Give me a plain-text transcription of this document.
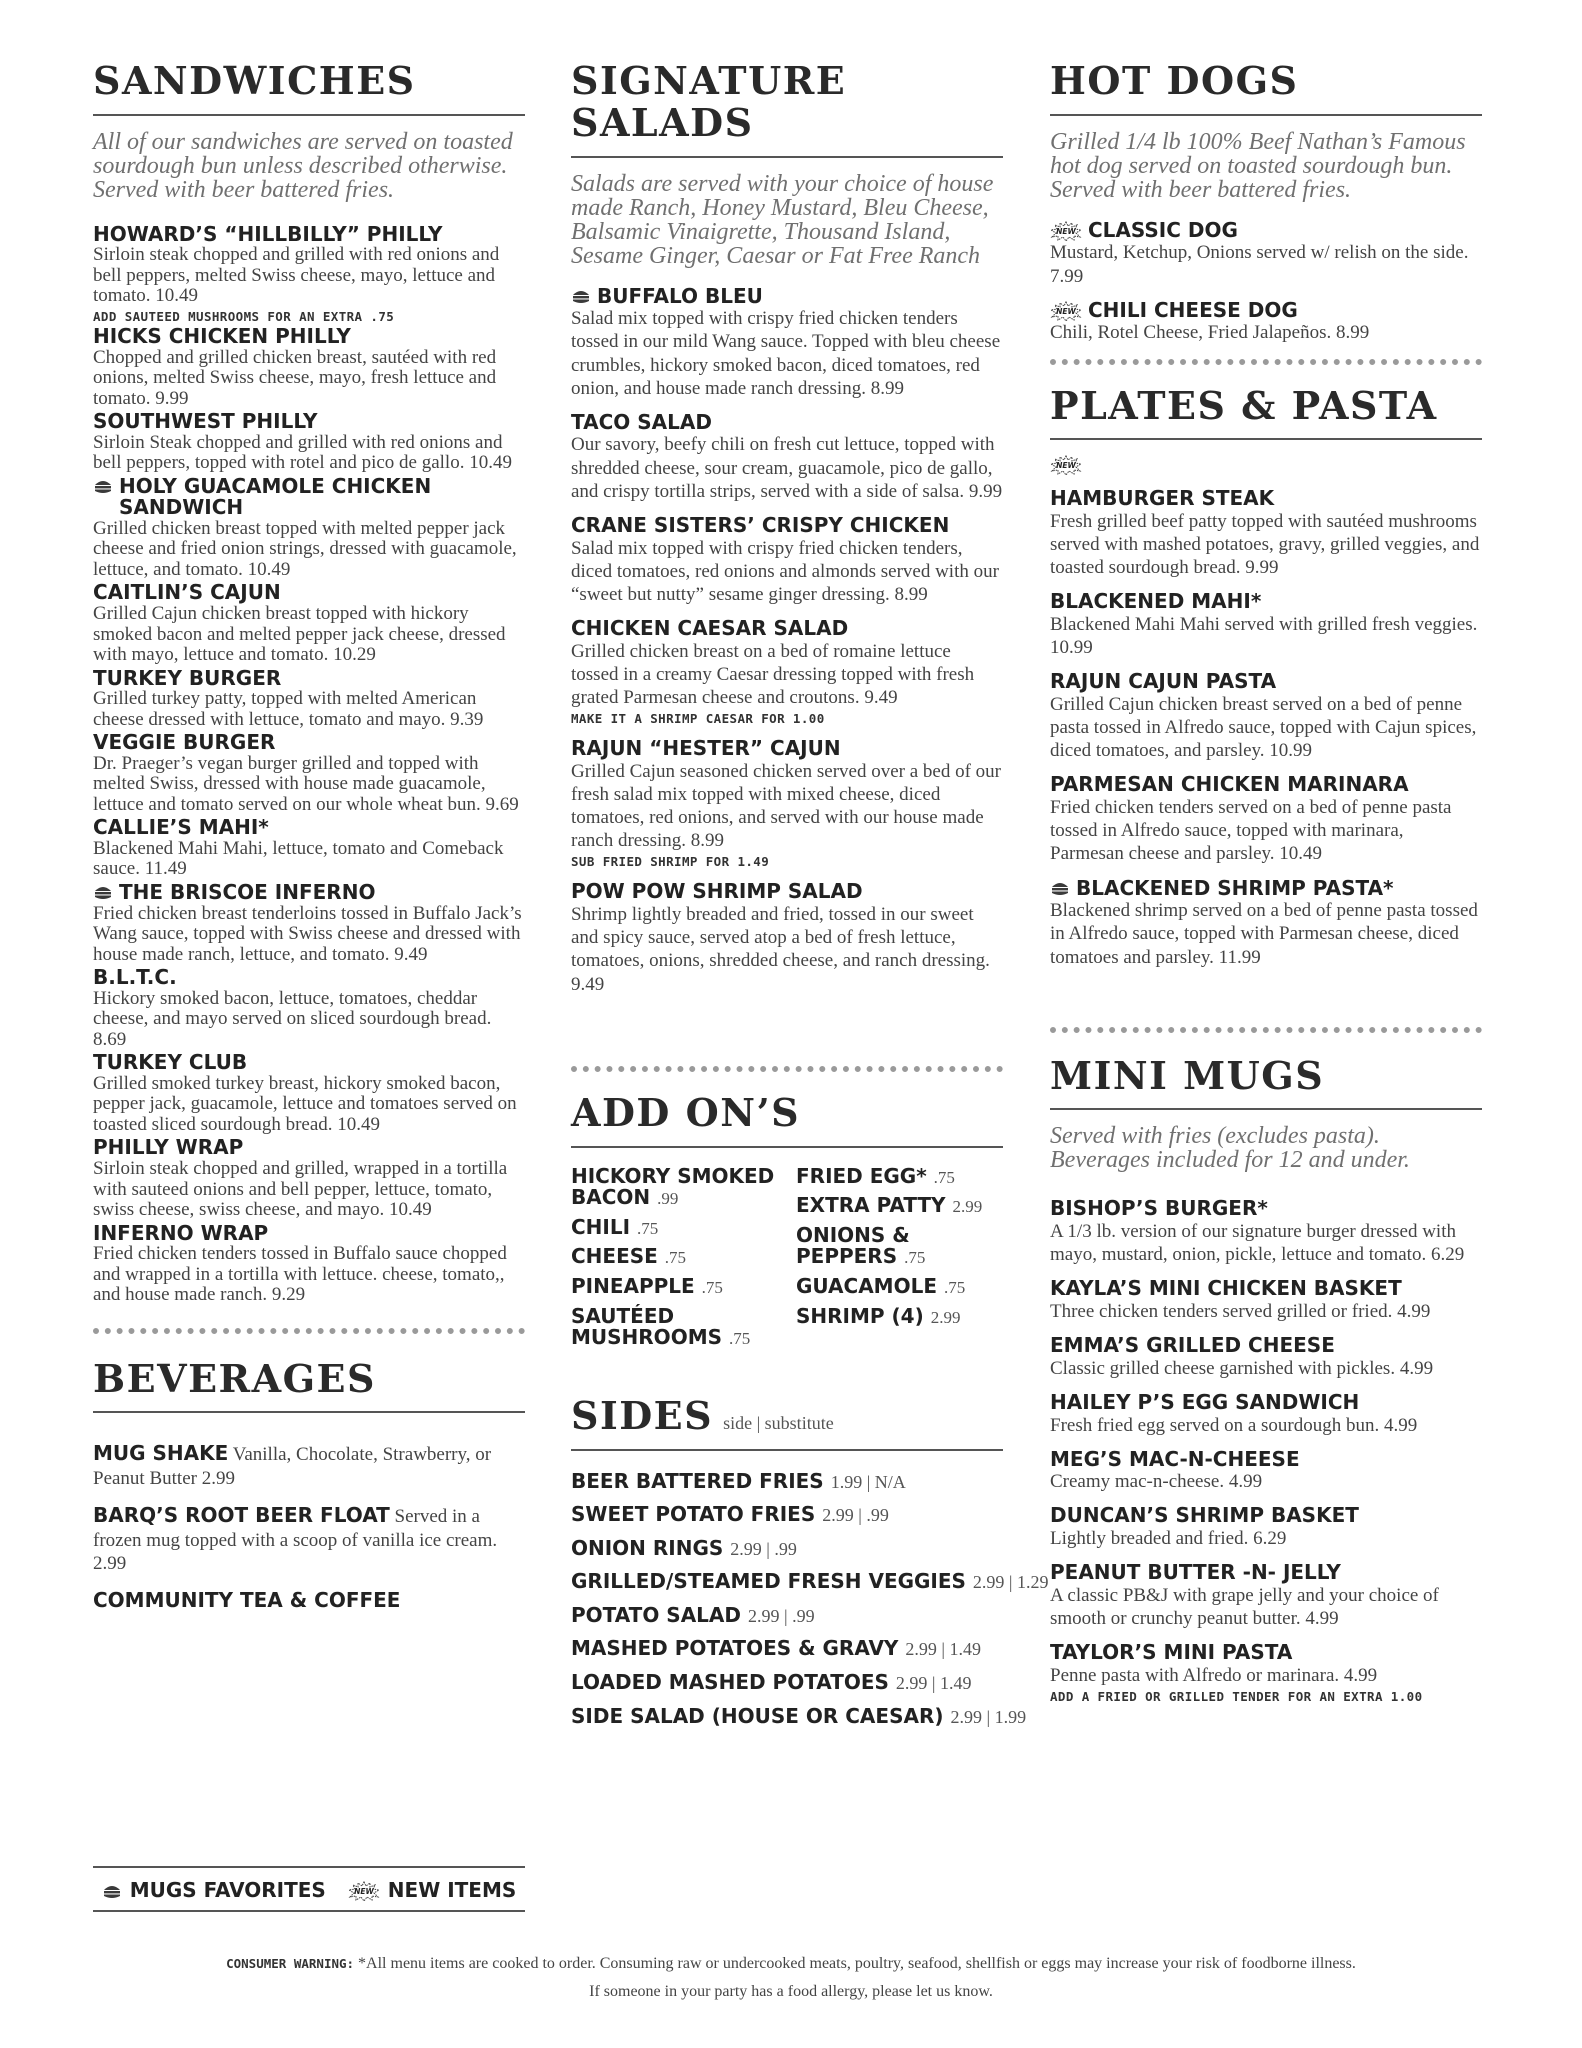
SANDWICHES
All of our sandwiches are served on toasted sourdough bun unless described otherwise. Served with beer battered fries.
HOWARD’S “HILLBILLY” PHILLY
Sirloin steak chopped and grilled with red onions and bell peppers, melted Swiss cheese, mayo, lettuce and tomato. 10.49
ADD SAUTEED MUSHROOMS FOR AN EXTRA .75
HICKS CHICKEN PHILLY
Chopped and grilled chicken breast, sautéed with red onions, melted Swiss cheese, mayo, fresh lettuce and tomato. 9.99
SOUTHWEST PHILLY
Sirloin Steak chopped and grilled with red onions and bell peppers, topped with rotel and pico de gallo. 10.49
HOLY GUACAMOLE CHICKEN SANDWICH
Grilled chicken breast topped with melted pepper jack cheese and fried onion strings, dressed with guacamole, lettuce, and tomato. 10.49
CAITLIN’S CAJUN
Grilled Cajun chicken breast topped with hickory smoked bacon and melted pepper jack cheese, dressed with mayo, lettuce and tomato. 10.29
TURKEY BURGER
Grilled turkey patty, topped with melted American cheese dressed with lettuce, tomato and mayo. 9.39
VEGGIE BURGER
Dr. Praeger’s vegan burger grilled and topped with melted Swiss, dressed with house made guacamole, lettuce and tomato served on our whole wheat bun. 9.69
CALLIE’S MAHI*
Blackened Mahi Mahi, lettuce, tomato and Comeback sauce. 11.49
THE BRISCOE INFERNO
Fried chicken breast tenderloins tossed in Buffalo Jack’s Wang sauce, topped with Swiss cheese and dressed with house made ranch, lettuce, and tomato. 9.49
B.L.T.C.
Hickory smoked bacon, lettuce, tomatoes, cheddar cheese, and mayo served on sliced sourdough bread. 8.69
TURKEY CLUB
Grilled smoked turkey breast, hickory smoked bacon, pepper jack, guacamole, lettuce and tomatoes served on toasted sliced sourdough bread. 10.49
PHILLY WRAP
Sirloin steak chopped and grilled, wrapped in a tortilla with sauteed onions and bell pepper, lettuce, tomato, swiss cheese, swiss cheese, and mayo. 10.49
INFERNO WRAP
Fried chicken tenders tossed in Buffalo sauce chopped and wrapped in a tortilla with lettuce. cheese, tomato,, and house made ranch. 9.29
BEVERAGES
MUG SHAKE Vanilla, Chocolate, Strawberry, or Peanut Butter 2.99
BARQ’S ROOT BEER FLOAT Served in a frozen mug topped with a scoop of vanilla ice cream. 2.99
COMMUNITY TEA & COFFEE
MUGS FAVORITES	NEW ITEMS
SIGNATURE SALADS
Salads are served with your choice of house made Ranch, Honey Mustard, Bleu Cheese, Balsamic Vinaigrette, Thousand Island, Sesame Ginger, Caesar or Fat Free Ranch
BUFFALO BLEU
Salad mix topped with crispy fried chicken tenders tossed in our mild Wang sauce. Topped with bleu cheese crumbles, hickory smoked bacon, diced tomatoes, red onion, and house made ranch dressing. 8.99
TACO SALAD
Our savory, beefy chili on fresh cut lettuce, topped with shredded cheese, sour cream, guacamole, pico de gallo, and crispy tortilla strips, served with a side of salsa. 9.99
CRANE SISTERS’ CRISPY CHICKEN
Salad mix topped with crispy fried chicken tenders, diced tomatoes, red onions and almonds served with our “sweet but nutty” sesame ginger dressing. 8.99
CHICKEN CAESAR SALAD
Grilled chicken breast on a bed of romaine lettuce tossed in a creamy Caesar dressing topped with fresh grated Parmesan cheese and croutons. 9.49
MAKE IT A SHRIMP CAESAR FOR 1.00
RAJUN “HESTER” CAJUN
Grilled Cajun seasoned chicken served over a bed of our fresh salad mix topped with mixed cheese, diced tomatoes, red onions, and served with our house made ranch dressing. 8.99
SUB FRIED SHRIMP FOR 1.49
POW POW SHRIMP SALAD
Shrimp lightly breaded and fried, tossed in our sweet and spicy sauce, served atop a bed of fresh lettuce, tomatoes, onions, shredded cheese, and ranch dressing. 9.49
ADD ON’S
HICKORY SMOKED BACON .99
CHILI .75
CHEESE .75
PINEAPPLE .75
SAUTÉED MUSHROOMS .75
FRIED EGG* .75
EXTRA PATTY 2.99
ONIONS & PEPPERS .75
GUACAMOLE .75
SHRIMP (4) 2.99
SIDES side | substitute
BEER BATTERED FRIES 1.99 | N/A
SWEET POTATO FRIES 2.99 | .99
ONION RINGS 2.99 | .99
GRILLED/STEAMED FRESH VEGGIES 2.99 | 1.29
POTATO SALAD 2.99 | .99
MASHED POTATOES & GRAVY 2.99 | 1.49
LOADED MASHED POTATOES 2.99 | 1.49
SIDE SALAD (HOUSE OR CAESAR) 2.99 | 1.99
HOT DOGS
Grilled 1/4 lb 100% Beef Nathan’s Famous hot dog served on toasted sourdough bun. Served with beer battered fries.
CLASSIC DOG
Mustard, Ketchup, Onions served w/ relish on the side. 7.99
CHILI CHEESE DOG
Chili, Rotel Cheese, Fried Jalapeños. 8.99
PLATES & PASTA
HAMBURGER STEAK
Fresh grilled beef patty topped with sautéed mushrooms served with mashed potatoes, gravy, grilled veggies, and toasted sourdough bread. 9.99
BLACKENED MAHI*
Blackened Mahi Mahi served with grilled fresh veggies. 10.99
RAJUN CAJUN PASTA
Grilled Cajun chicken breast served on a bed of penne pasta tossed in Alfredo sauce, topped with Cajun spices, diced tomatoes, and parsley. 10.99
PARMESAN CHICKEN MARINARA
Fried chicken tenders served on a bed of penne pasta tossed in Alfredo sauce, topped with marinara, Parmesan cheese and parsley. 10.49
BLACKENED SHRIMP PASTA*
Blackened shrimp served on a bed of penne pasta tossed in Alfredo sauce, topped with Parmesan cheese, diced tomatoes and parsley. 11.99
MINI MUGS
Served with fries (excludes pasta). Beverages included for 12 and under.
BISHOP’S BURGER*
A 1/3 lb. version of our signature burger dressed with mayo, mustard, onion, pickle, lettuce and tomato. 6.29
KAYLA’S MINI CHICKEN BASKET
Three chicken tenders served grilled or fried. 4.99
EMMA’S GRILLED CHEESE
Classic grilled cheese garnished with pickles. 4.99
HAILEY P’S EGG SANDWICH
Fresh fried egg served on a sourdough bun. 4.99
MEG’S MAC-N-CHEESE
Creamy mac-n-cheese. 4.99
DUNCAN’S SHRIMP BASKET
Lightly breaded and fried. 6.29
PEANUT BUTTER -N- JELLY
A classic PB&J with grape jelly and your choice of smooth or crunchy peanut butter. 4.99
TAYLOR’S MINI PASTA
Penne pasta with Alfredo or marinara. 4.99
ADD A FRIED OR GRILLED TENDER FOR AN EXTRA 1.00
CONSUMER WARNING: *All menu items are cooked to order. Consuming raw or undercooked meats, poultry, seafood, shellfish or eggs may increase your risk of foodborne illness.
If someone in your party has a food allergy, please let us know.
